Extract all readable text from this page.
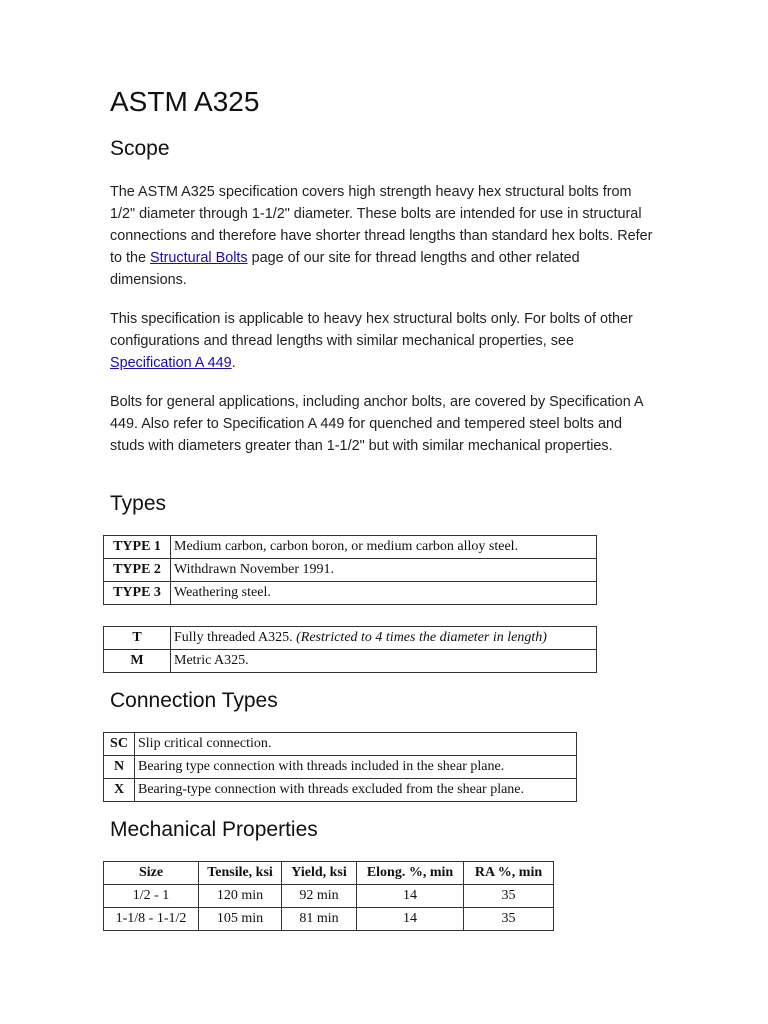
ASTM A325
Scope

The ASTM A325 specification covers high strength heavy hex structural bolts from 1/2" diameter through 1-1/2" diameter. These bolts are intended for use in structural connections and therefore have shorter thread lengths than standard hex bolts. Refer to the Structural Bolts page of our site for thread lengths and other related dimensions.

This specification is applicable to heavy hex structural bolts only. For bolts of other configurations and thread lengths with similar mechanical properties, see Specification A 449.

Bolts for general applications, including anchor bolts, are covered by Specification A 449. Also refer to Specification A 449 for quenched and tempered steel bolts and studs with diameters greater than 1-1/2" but with similar mechanical properties.

Types
Connection Types
Mechanical Properties
TYPE 1	Medium carbon, carbon boron, or medium carbon alloy steel.
TYPE 2	Withdrawn November 1991.
TYPE 3	Weathering steel.
T	Fully threaded A325. (Restricted to 4 times the diameter in length)
M	Metric A325.
SC	Slip critical connection.
N	Bearing type connection with threads included in the shear plane.
X	Bearing-type connection with threads excluded from the shear plane.
Size	Tensile, ksi	Yield, ksi	Elong. %, min	RA %, min
1/2 - 1	120 min	92 min	14	35
1-1/8 - 1-1/2	105 min	81 min	14	35
